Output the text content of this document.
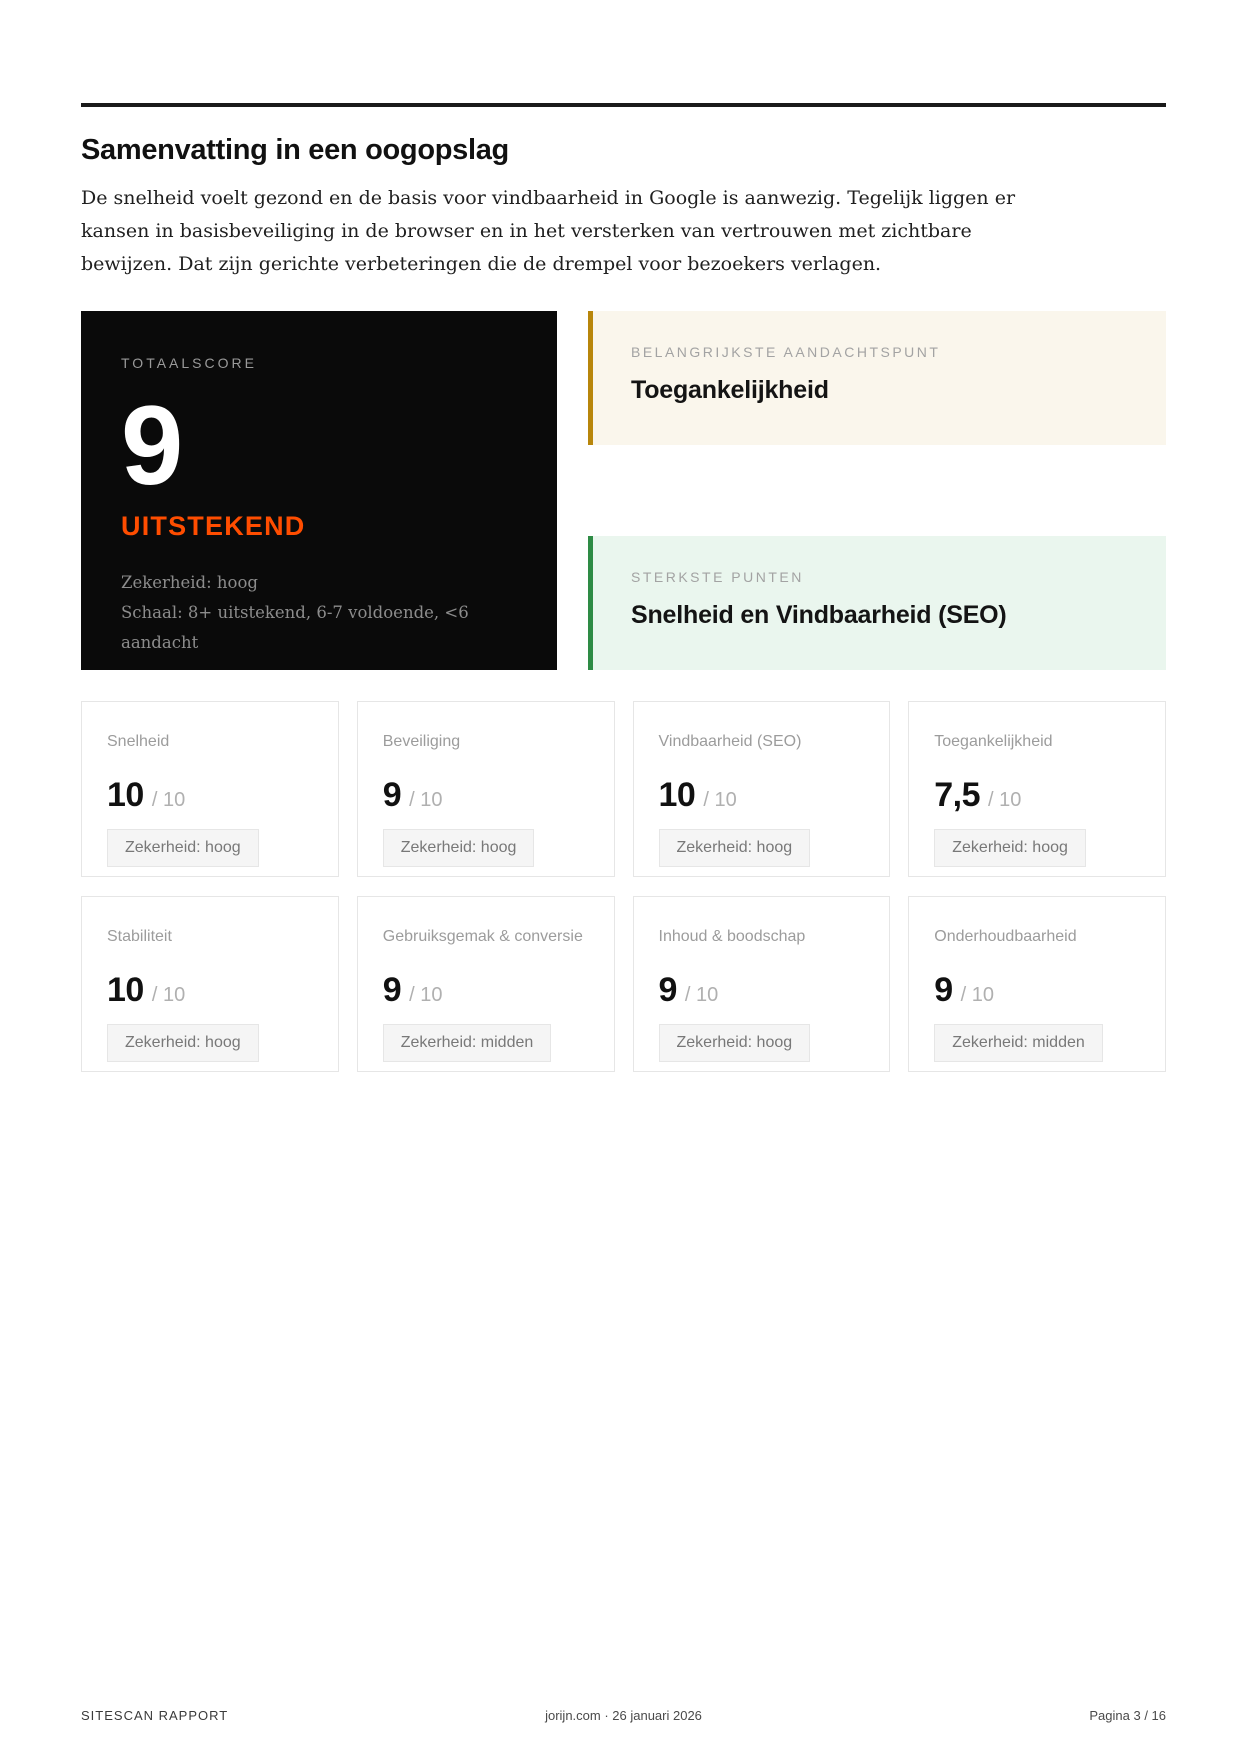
Samenvatting in een oogopslag

De snelheid voelt gezond en de basis voor vindbaarheid in Google is aanwezig. Tegelijk liggen er kansen in basisbeveiliging in de browser en in het versterken van vertrouwen met zichtbare bewijzen. Dat zijn gerichte verbeteringen die de drempel voor bezoekers verlagen.

TOTAALSCORE
9
UITSTEKEND
Zekerheid: hoog
Schaal: 8+ uitstekend, 6-7 voldoende, <6 aandacht
BELANGRIJKSTE AANDACHTSPUNT
Toegankelijkheid
STERKSTE PUNTEN
Snelheid en Vindbaarheid (SEO)
Snelheid
10 / 10
Zekerheid: hoog
Beveiliging
9 / 10
Zekerheid: hoog
Vindbaarheid (SEO)
10 / 10
Zekerheid: hoog
Toegankelijkheid
7,5 / 10
Zekerheid: hoog
Stabiliteit
10 / 10
Zekerheid: hoog
Gebruiksgemak & conversie
9 / 10
Zekerheid: midden
Inhoud & boodschap
9 / 10
Zekerheid: hoog
Onderhoudbaarheid
9 / 10
Zekerheid: midden
SITESCAN RAPPORT	jorijn.com · 26 januari 2026	Pagina 3 / 16
